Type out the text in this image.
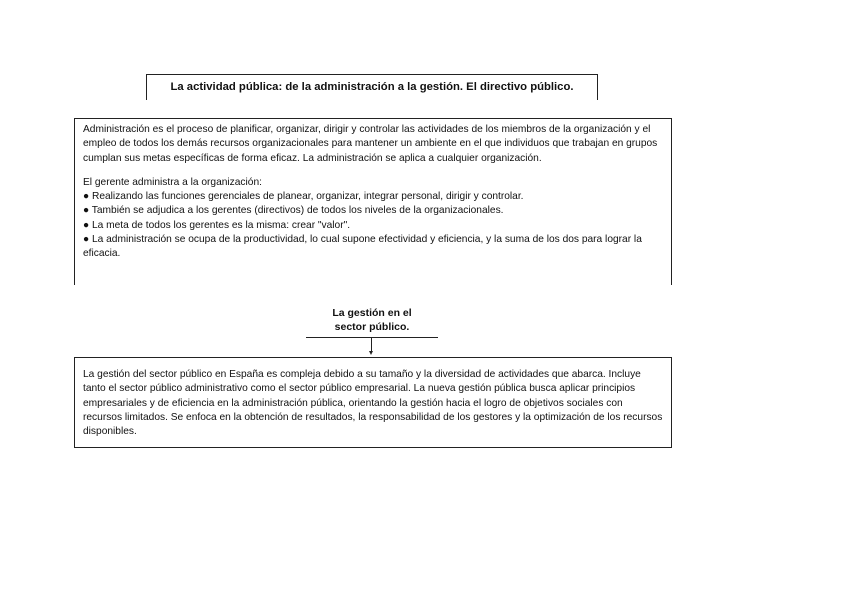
La actividad pública: de la administración a la gestión. El directivo público.

Administración es el proceso de planificar, organizar, dirigir y controlar las actividades de los miembros de la organización y el empleo de todos los demás recursos organizacionales para mantener un ambiente en el que individuos que trabajan en grupos cumplan sus metas específicas de forma eficaz. La administración se aplica a cualquier organización.

El gerente administra a la organización:

● Realizando las funciones gerenciales de planear, organizar, integrar personal, dirigir y controlar.
● También se adjudica a los gerentes (directivos) de todos los niveles de la organizacionales.
● La meta de todos los gerentes es la misma: crear "valor".
● La administración se ocupa de la productividad, lo cual supone efectividad y eficiencia, y la suma de los dos para lograr la eficacia.
La gestión en el
sector público.

La gestión del sector público en España es compleja debido a su tamaño y la diversidad de actividades que abarca. Incluye tanto el sector público administrativo como el sector público empresarial. La nueva gestión pública busca aplicar principios empresariales y de eficiencia en la administración pública, orientando la gestión hacia el logro de objetivos sociales con recursos limitados. Se enfoca en la obtención de resultados, la responsabilidad de los gestores y la optimización de los recursos disponibles.
